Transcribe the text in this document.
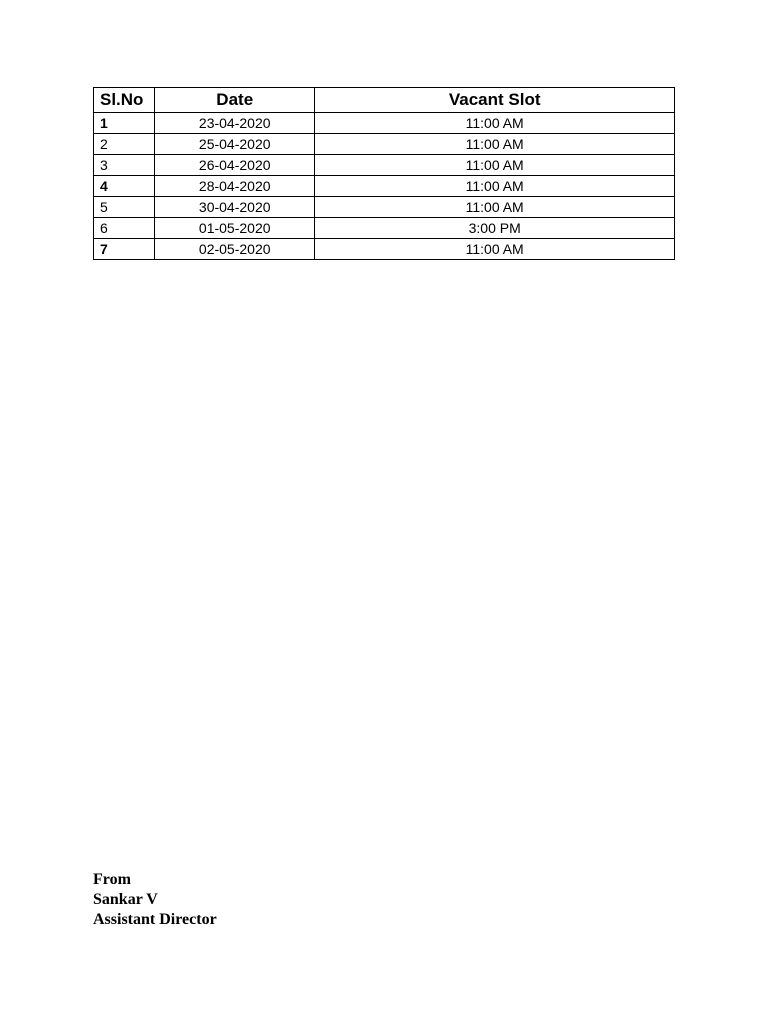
Sl.No	Date	Vacant Slot
1	23-04-2020	11:00 AM
2	25-04-2020	11:00 AM
3	26-04-2020	11:00 AM
4	28-04-2020	11:00 AM
5	30-04-2020	11:00 AM
6	01-05-2020	3:00 PM
7	02-05-2020	11:00 AM
From
Sankar V
Assistant Director
